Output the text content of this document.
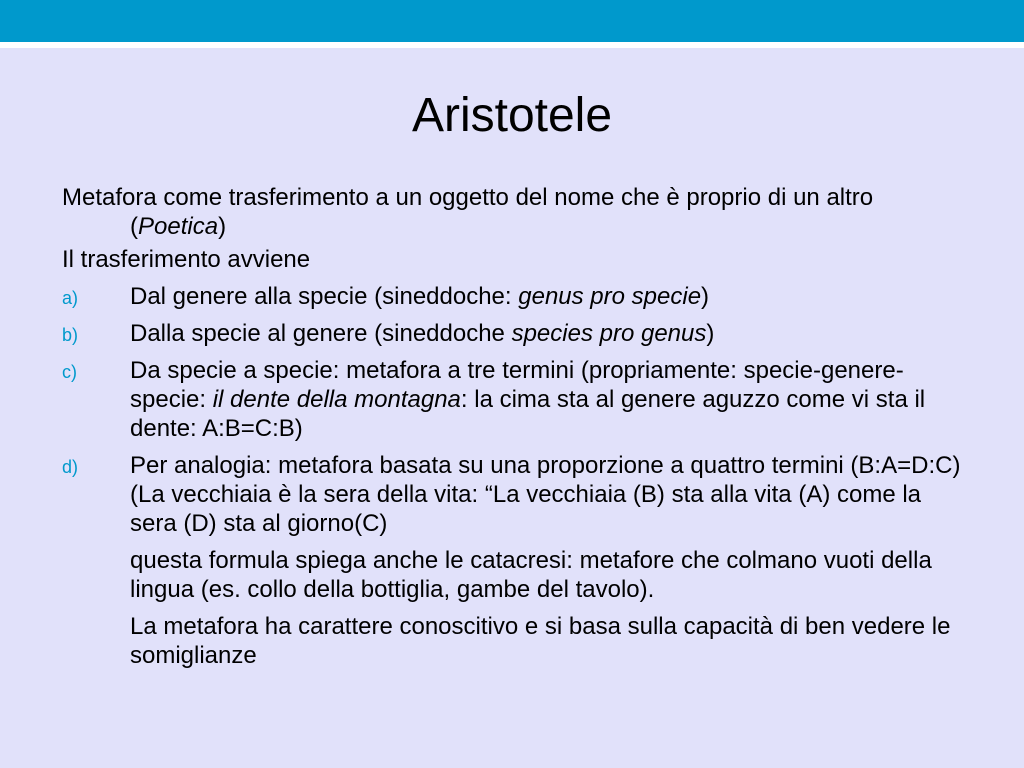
Aristotele

Metafora come trasferimento a un oggetto del nome che è proprio di un altro (Poetica)

Il trasferimento avviene

a) Dal genere alla specie (sineddoche: genus pro specie)
b) Dalla specie al genere (sineddoche species pro genus)
c) Da specie a specie: metafora a tre termini (propriamente: specie-genere-specie: il dente della montagna: la cima sta al genere aguzzo come vi sta il dente: A:B=C:B)
d) Per analogia: metafora basata su una proporzione a quattro termini (B:A=D:C) (La vecchiaia è la sera della vita: “La vecchiaia (B) sta alla vita (A) come la sera (D) sta al giorno(C)

questa formula spiega anche le catacresi: metafore che colmano vuoti della lingua (es. collo della bottiglia, gambe del tavolo).

La metafora ha carattere conoscitivo e si basa sulla capacità di ben vedere le somiglianze
